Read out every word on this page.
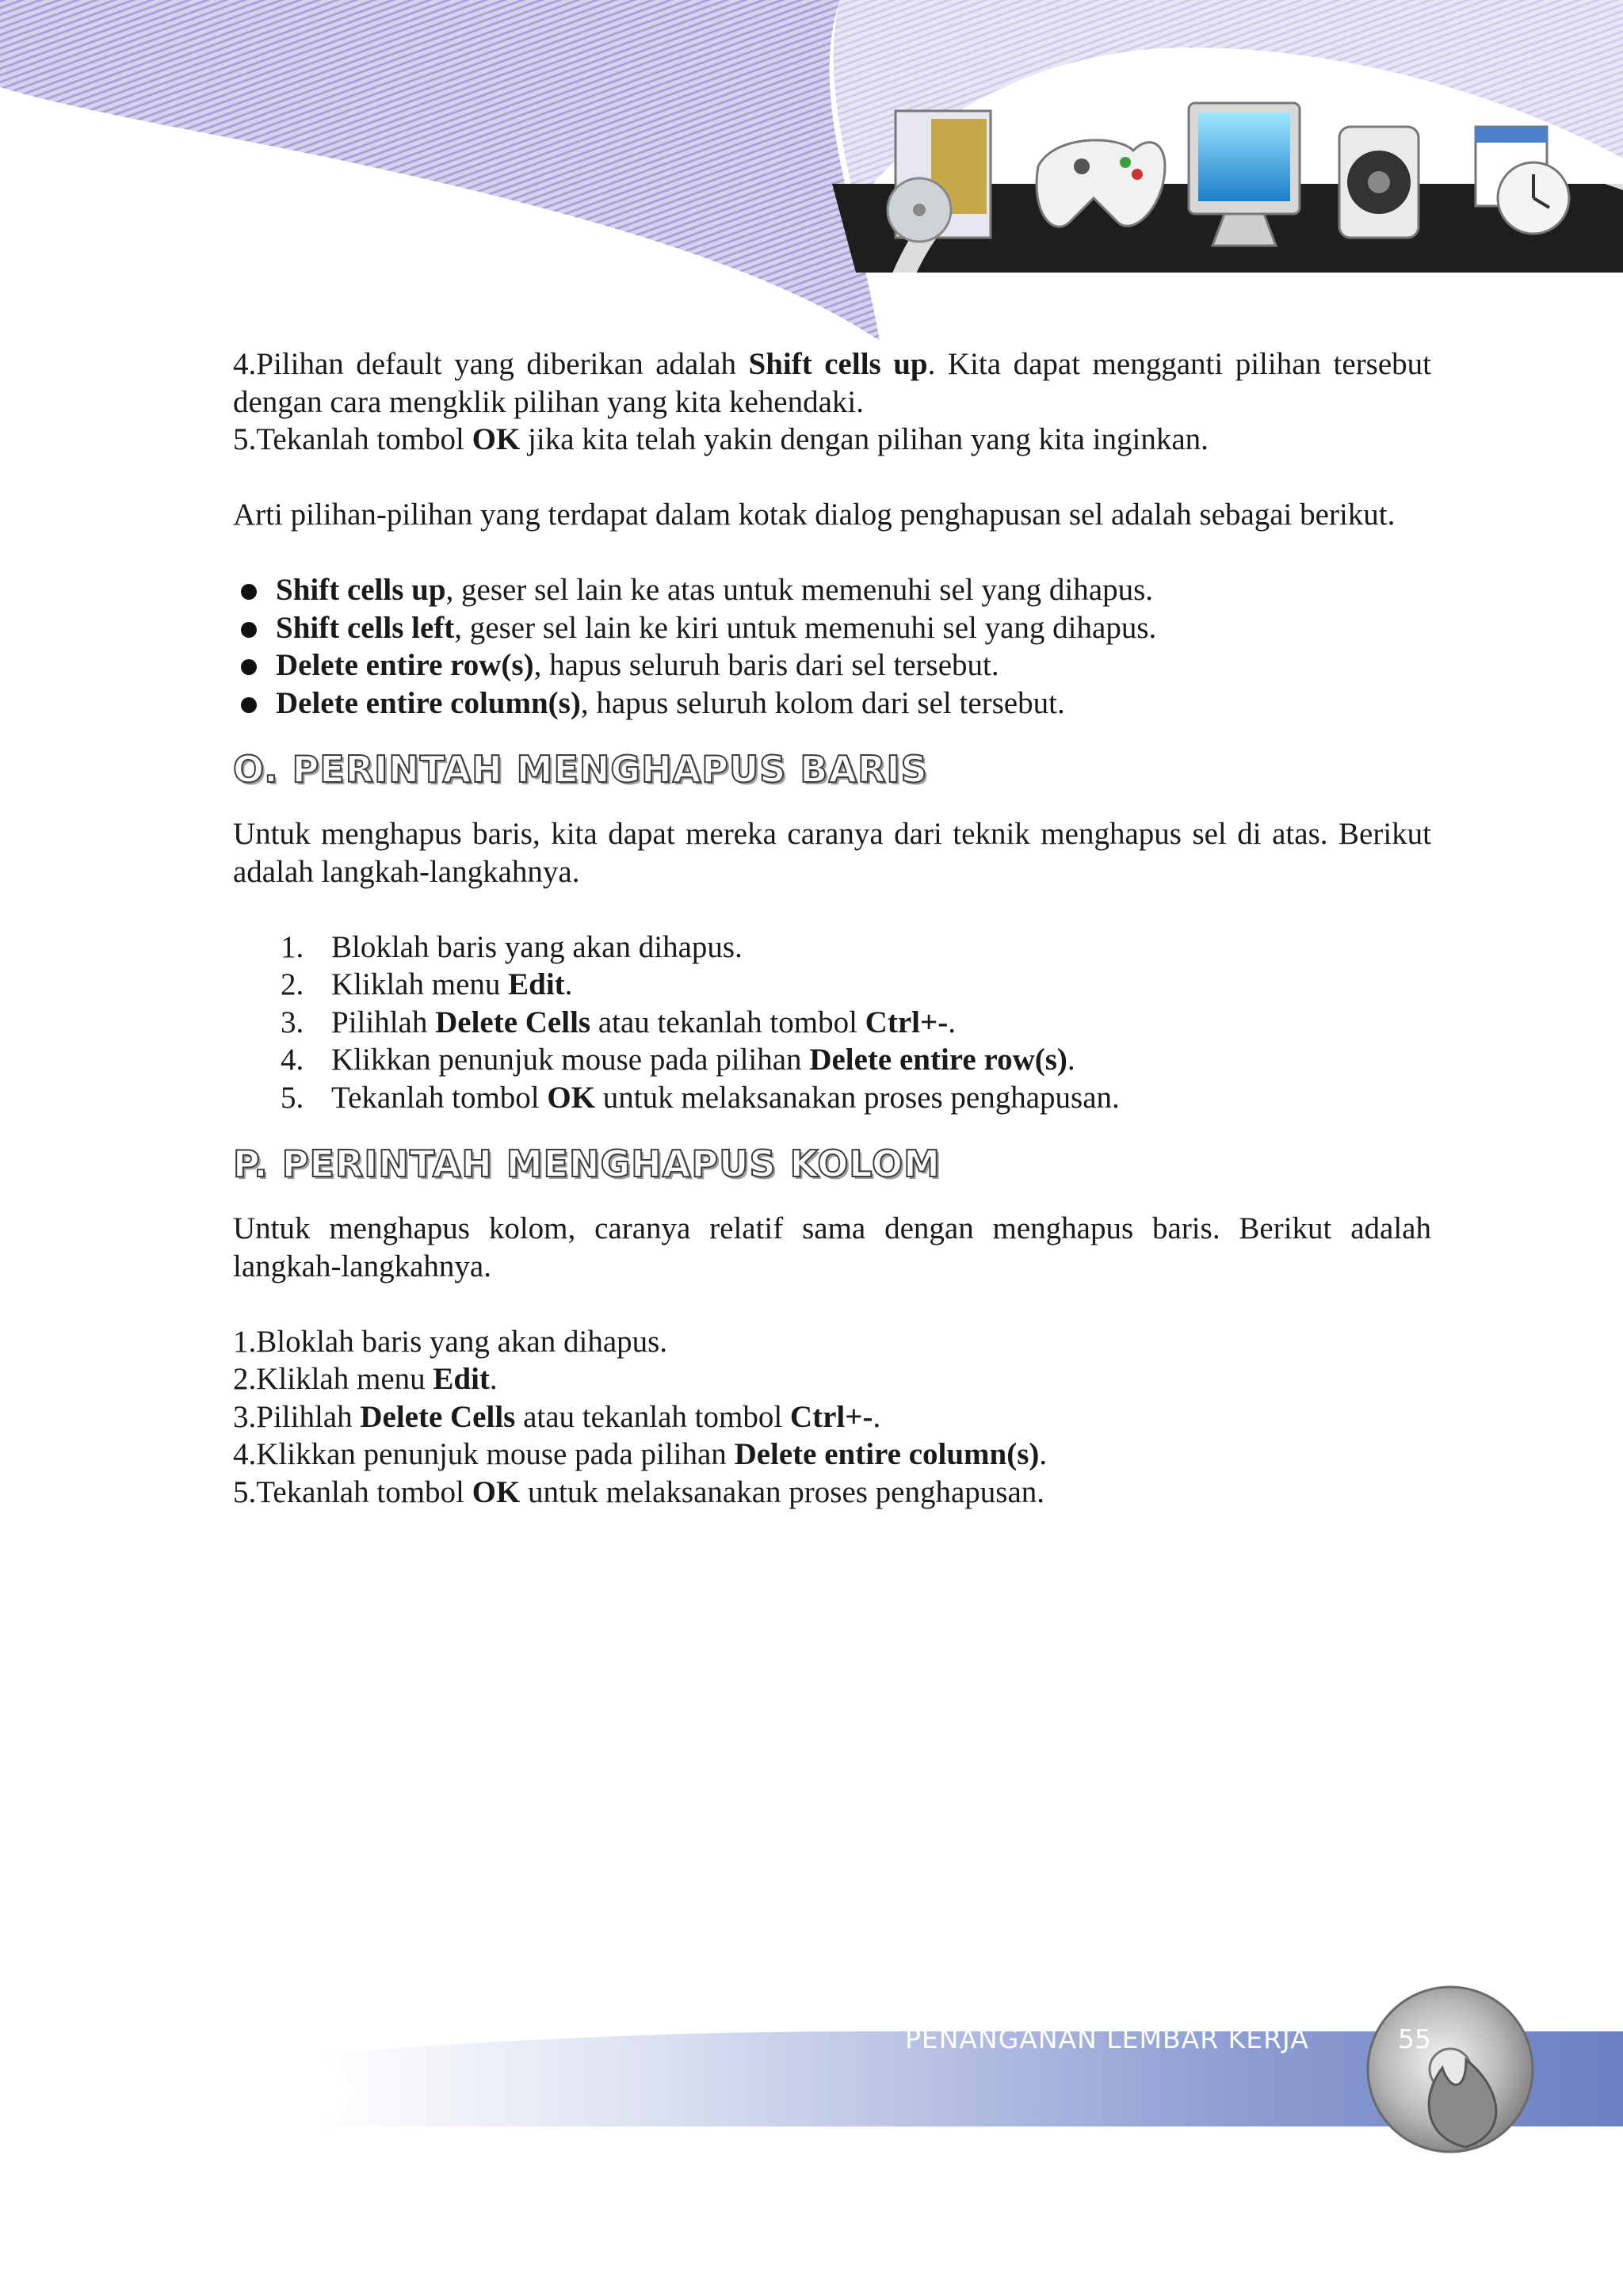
PENANGANAN LEMBAR KERJA	55

4.Pilihan default yang diberikan adalah Shift cells up. Kita dapat mengganti pilihan tersebut dengan cara mengklik pilihan yang kita kehendaki.

5.Tekanlah tombol OK jika kita telah yakin dengan pilihan yang kita inginkan.

Arti pilihan-pilihan yang terdapat dalam kotak dialog penghapusan sel adalah sebagai berikut.

Shift cells up, geser sel lain ke atas untuk memenuhi sel yang dihapus.
Shift cells left, geser sel lain ke kiri untuk memenuhi sel yang dihapus.
Delete entire row(s), hapus seluruh baris dari sel tersebut.
Delete entire column(s), hapus seluruh kolom dari sel tersebut.
O. PERINTAH MENGHAPUS BARIS

Untuk menghapus baris, kita dapat mereka caranya dari teknik menghapus sel di atas. Berikut adalah langkah-langkahnya.

1. Bloklah baris yang akan dihapus.
2. Kliklah menu Edit.
3. Pilihlah Delete Cells atau tekanlah tombol Ctrl+-.
4. Klikkan penunjuk mouse pada pilihan Delete entire row(s).
5. Tekanlah tombol OK untuk melaksanakan proses penghapusan.
P. PERINTAH MENGHAPUS KOLOM

Untuk menghapus kolom, caranya relatif sama dengan menghapus baris. Berikut adalah langkah-langkahnya.

1.Bloklah baris yang akan dihapus.

2.Kliklah menu Edit.

3.Pilihlah Delete Cells atau tekanlah tombol Ctrl+-.

4.Klikkan penunjuk mouse pada pilihan Delete entire column(s).

5.Tekanlah tombol OK untuk melaksanakan proses penghapusan.
